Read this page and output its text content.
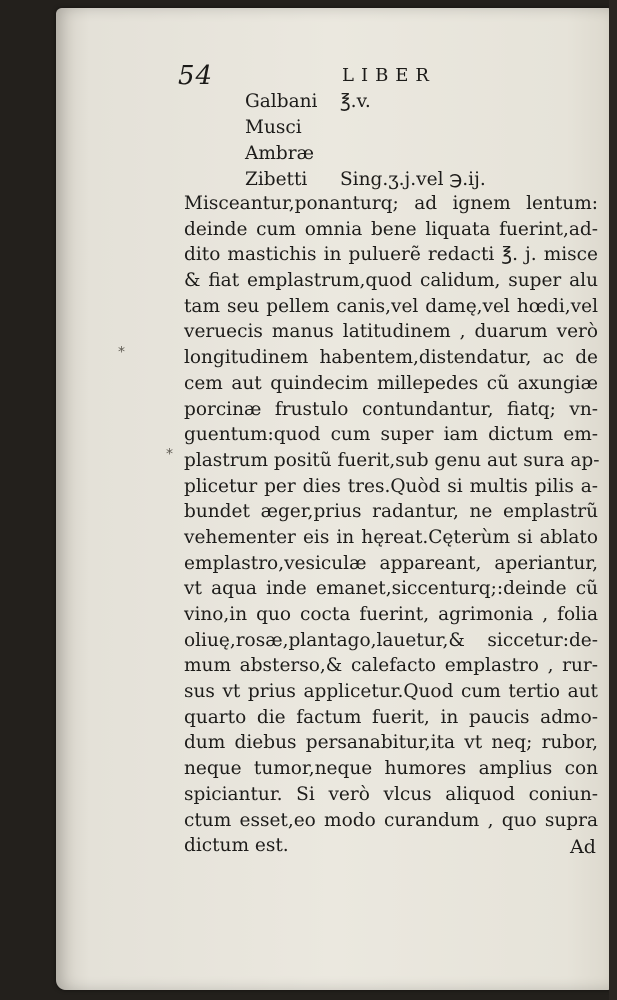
54	LIBER
Galbani ℥.v.
Musci
Ambræ
Zibetti Sing.ʒ.j.vel ℈.ij.
Misceantur,ponanturq; ad ignem lentum:
deinde cum omnia bene liquata fuerint,ad-
dito mastichis in puluerẽ redacti ℥. j. misce
& fiat emplastrum,quod calidum, super alu
tam seu pellem canis,vel damę,vel hœdi,vel
veruecis manus latitudinem , duarum verò
longitudinem habentem,distendatur, ac de
cem aut quindecim millepedes cũ axungiæ
porcinæ frustulo contundantur, fiatq; vn-
guentum:quod cum super iam dictum em-
plastrum positũ fuerit,sub genu aut sura ap-
plicetur per dies tres.Quòd si multis pilis a-
bundet æger,prius radantur, ne emplastrũ
vehementer eis in hęreat.Cęterùm si ablato
emplastro,vesiculæ appareant, aperiantur,
vt aqua inde emanet,siccenturq;:deinde cũ
vino,in quo cocta fuerint, agrimonia , folia
oliuę,rosæ,plantago,lauetur,& siccetur:de-
mum absterso,& calefacto emplastro , rur-
sus vt prius applicetur.Quod cum tertio aut
quarto die factum fuerit, in paucis admo-
dum diebus persanabitur,ita vt neq; rubor,
neque tumor,neque humores amplius con
spiciantur. Si verò vlcus aliquod coniun-
ctum esset,eo modo curandum , quo supra
dictum est.	Ad
⁎
⁎
